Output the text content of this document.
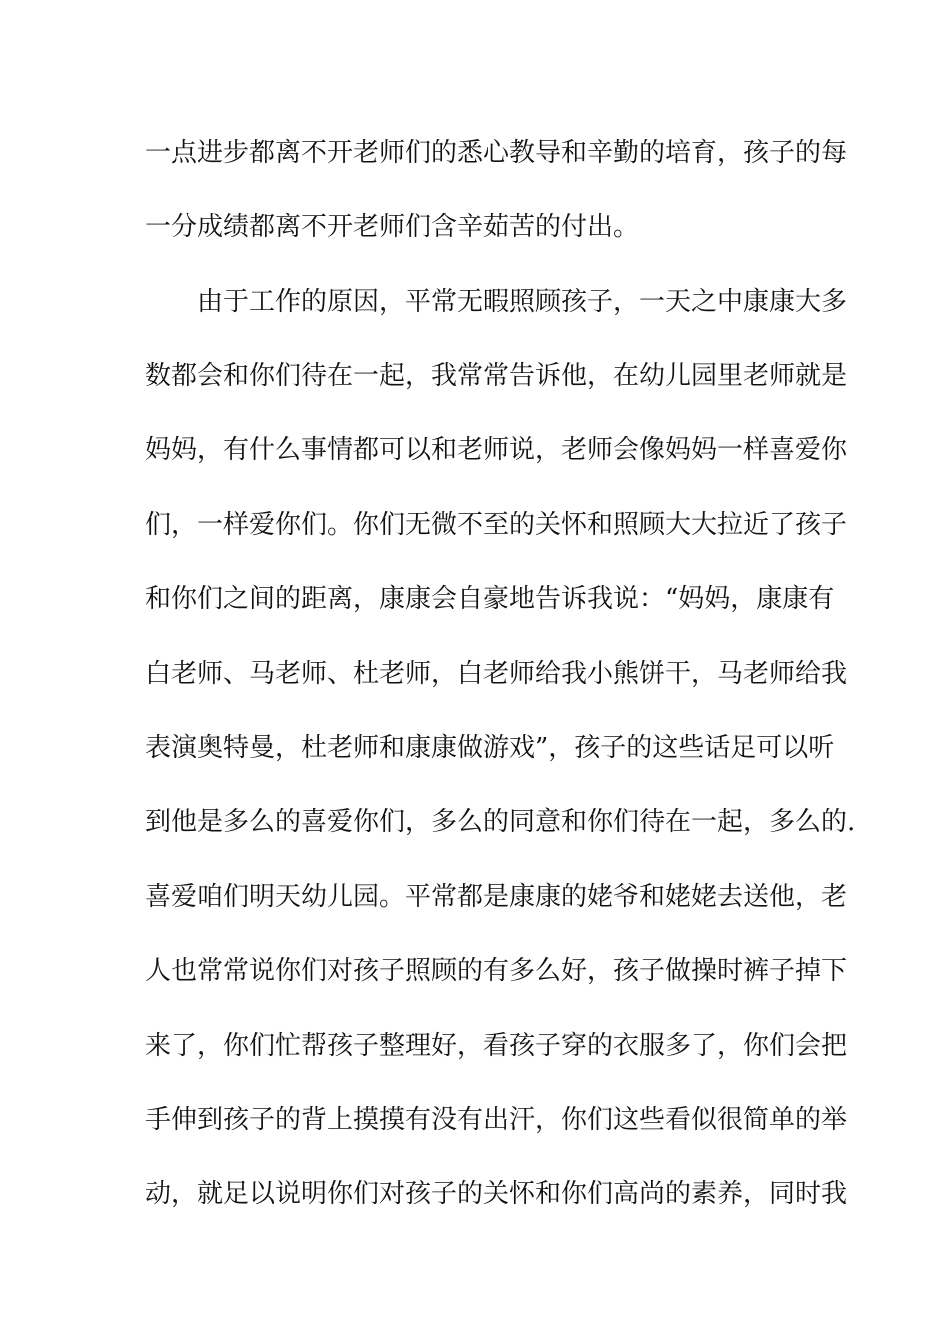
一点进步都离不开老师们的悉心教导和辛勤的培育，孩子的每
一分成绩都离不开老师们含辛茹苦的付出。
由于工作的原因，平常无暇照顾孩子，一天之中康康大多
数都会和你们待在一起，我常常告诉他，在幼儿园里老师就是
妈妈，有什么事情都可以和老师说，老师会像妈妈一样喜爱你
们，一样爱你们。你们无微不至的关怀和照顾大大拉近了孩子
和你们之间的距离，康康会自豪地告诉我说：“妈妈，康康有
白老师、马老师、杜老师，白老师给我小熊饼干，马老师给我
表演奥特曼，杜老师和康康做游戏”，孩子的这些话足可以听
到他是多么的喜爱你们，多么的同意和你们待在一起，多么的.
喜爱咱们明天幼儿园。平常都是康康的姥爷和姥姥去送他，老
人也常常说你们对孩子照顾的有多么好，孩子做操时裤子掉下
来了，你们忙帮孩子整理好，看孩子穿的衣服多了，你们会把
手伸到孩子的背上摸摸有没有出汗，你们这些看似很简单的举
动，就足以说明你们对孩子的关怀和你们高尚的素养，同时我
